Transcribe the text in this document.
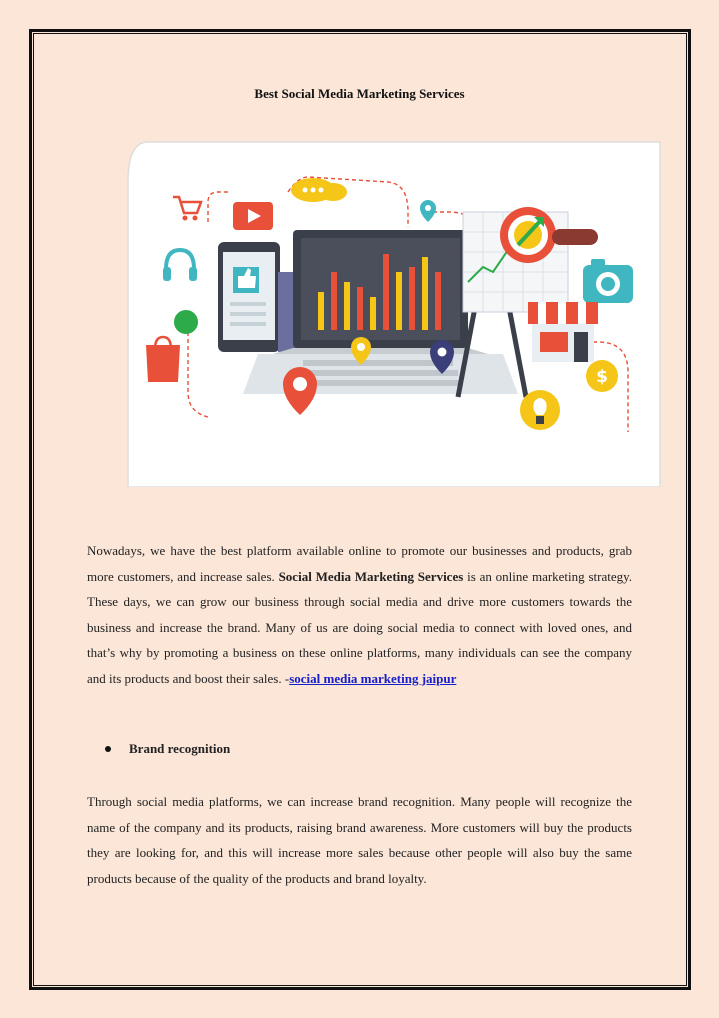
Best Social Media Marketing Services
$
Nowadays, we have the best platform available online to promote our businesses and products, grab more customers, and increase sales. Social Media Marketing Services is an online marketing strategy. These days, we can grow our business through social media and drive more customers towards the business and increase the brand. Many of us are doing social media to connect with loved ones, and that’s why by promoting a business on these online platforms, many individuals can see the company and its products and boost their sales. -social media marketing jaipur
Brand recognition
Through social media platforms, we can increase brand recognition. Many people will recognize the name of the company and its products, raising brand awareness. More customers will buy the products they are looking for, and this will increase more sales because other people will also buy the same products because of the quality of the products and brand loyalty.
